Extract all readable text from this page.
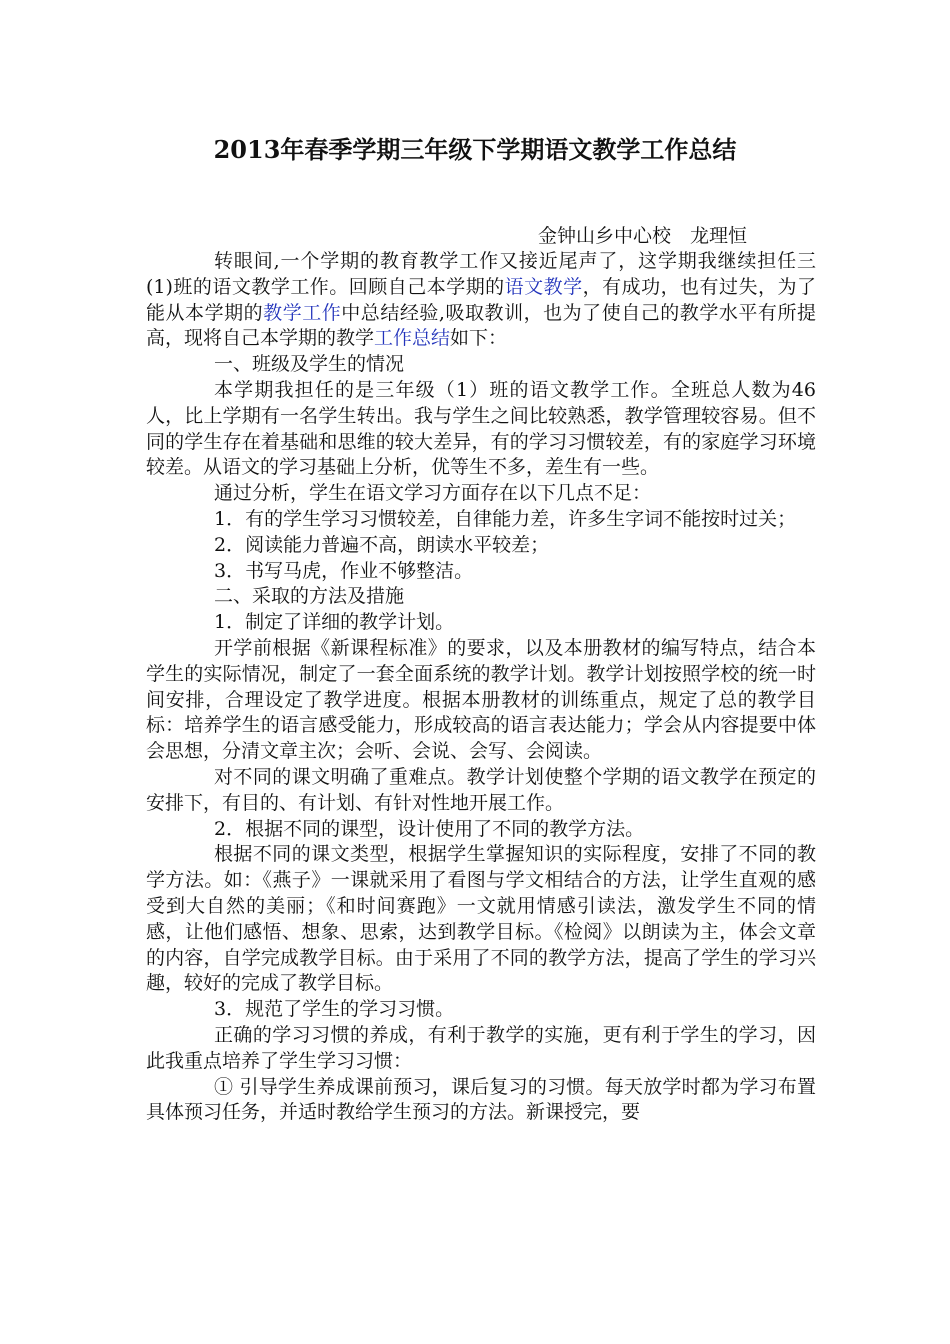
2013年春季学期三年级下学期语文教学工作总结
金钟山乡中心校　龙理恒

转眼间,一个学期的教育教学工作又接近尾声了，这学期我继续担任三(1)班的语文教学工作。回顾自己本学期的语文教学，有成功，也有过失，为了能从本学期的教学工作中总结经验,吸取教训，也为了使自己的教学水平有所提高，现将自己本学期的教学工作总结如下：

一、班级及学生的情况

本学期我担任的是三年级（1）班的语文教学工作。全班总人数为46人，比上学期有一名学生转出。我与学生之间比较熟悉，教学管理较容易。但不同的学生存在着基础和思维的较大差异，有的学习习惯较差，有的家庭学习环境较差。从语文的学习基础上分析，优等生不多，差生有一些。

通过分析，学生在语文学习方面存在以下几点不足：

1．有的学生学习习惯较差，自律能力差，许多生字词不能按时过关；

2．阅读能力普遍不高，朗读水平较差；

3．书写马虎，作业不够整洁。

二、采取的方法及措施

1．制定了详细的教学计划。

开学前根据《新课程标准》的要求，以及本册教材的编写特点，结合本学生的实际情况，制定了一套全面系统的教学计划。教学计划按照学校的统一时间安排，合理设定了教学进度。根据本册教材的训练重点，规定了总的教学目标：培养学生的语言感受能力，形成较高的语言表达能力；学会从内容提要中体会思想，分清文章主次；会听、会说、会写、会阅读。

对不同的课文明确了重难点。教学计划使整个学期的语文教学在预定的安排下，有目的、有计划、有针对性地开展工作。

2．根据不同的课型，设计使用了不同的教学方法。

根据不同的课文类型，根据学生掌握知识的实际程度，安排了不同的教学方法。如：《燕子》一课就采用了看图与学文相结合的方法，让学生直观的感受到大自然的美丽；《和时间赛跑》一文就用情感引读法，激发学生不同的情感，让他们感悟、想象、思索，达到教学目标。《检阅》以朗读为主，体会文章的内容，自学完成教学目标。由于采用了不同的教学方法，提高了学生的学习兴趣，较好的完成了教学目标。

3．规范了学生的学习习惯。

正确的学习习惯的养成，有利于教学的实施，更有利于学生的学习，因此我重点培养了学生学习习惯：

① 引导学生养成课前预习，课后复习的习惯。每天放学时都为学习布置具体预习任务，并适时教给学生预习的方法。新课授完，要
